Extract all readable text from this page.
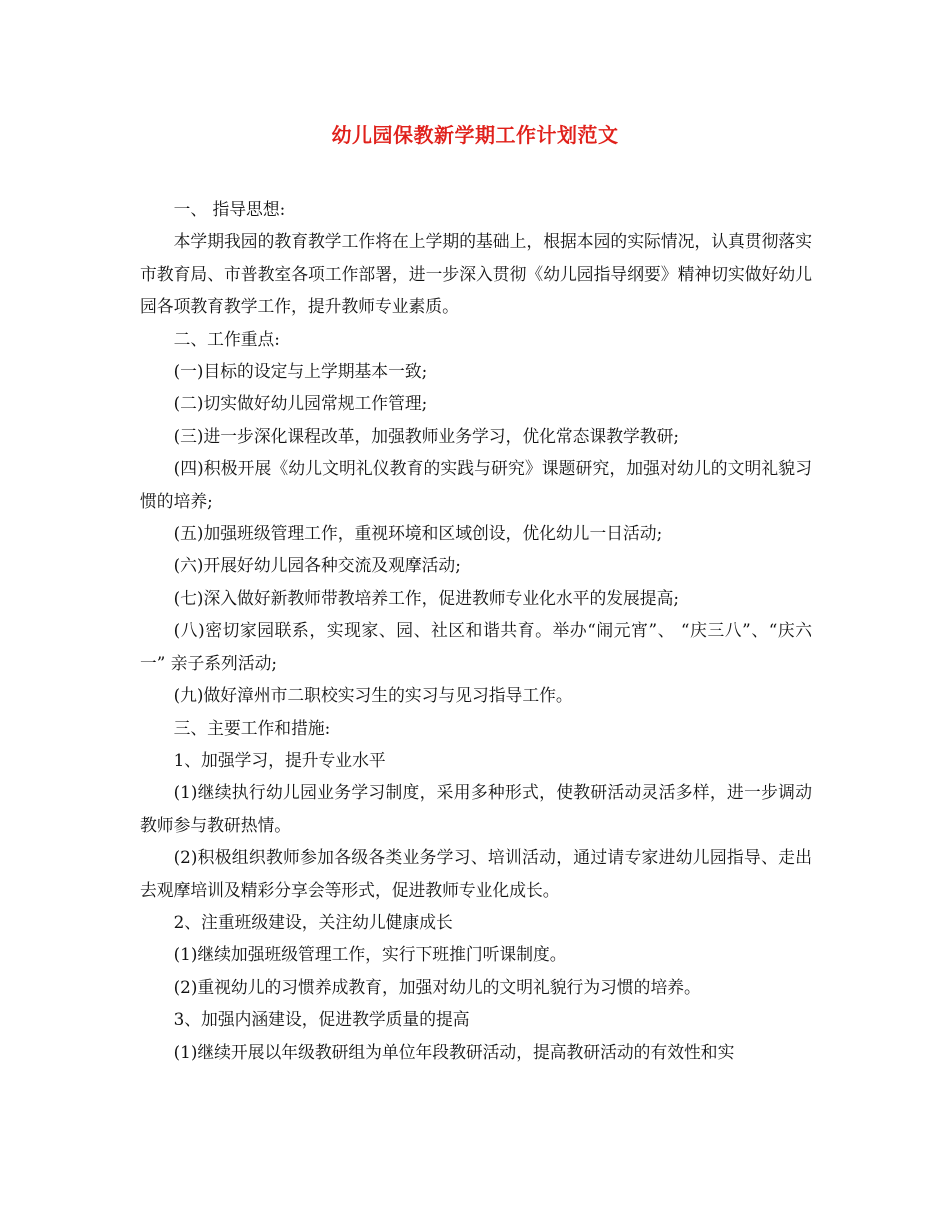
幼儿园保教新学期工作计划范文

一、 指导思想:

本学期我园的教育教学工作将在上学期的基础上，根据本园的实际情况，认真贯彻落实市教育局、市普教室各项工作部署，进一步深入贯彻《幼儿园指导纲要》精神切实做好幼儿园各项教育教学工作，提升教师专业素质。

二、工作重点:

(一)目标的设定与上学期基本一致;

(二)切实做好幼儿园常规工作管理;

(三)进一步深化课程改革，加强教师业务学习，优化常态课教学教研;

(四)积极开展《幼儿文明礼仪教育的实践与研究》课题研究，加强对幼儿的文明礼貌习惯的培养;

(五)加强班级管理工作，重视环境和区域创设，优化幼儿一日活动;

(六)开展好幼儿园各种交流及观摩活动;

(七)深入做好新教师带教培养工作，促进教师专业化水平的发展提高;

(八)密切家园联系，实现家、园、社区和谐共育。举办“闹元宵”、 “庆三八”、“庆六一” 亲子系列活动;

(九)做好漳州市二职校实习生的实习与见习指导工作。

三、主要工作和措施:

1、加强学习，提升专业水平

(1)继续执行幼儿园业务学习制度，采用多种形式，使教研活动灵活多样，进一步调动教师参与教研热情。

(2)积极组织教师参加各级各类业务学习、培训活动，通过请专家进幼儿园指导、走出去观摩培训及精彩分享会等形式，促进教师专业化成长。

2、注重班级建设，关注幼儿健康成长

(1)继续加强班级管理工作，实行下班推门听课制度。

(2)重视幼儿的习惯养成教育，加强对幼儿的文明礼貌行为习惯的培养。

3、加强内涵建设，促进教学质量的提高

(1)继续开展以年级教研组为单位年段教研活动，提高教研活动的有效性和实
